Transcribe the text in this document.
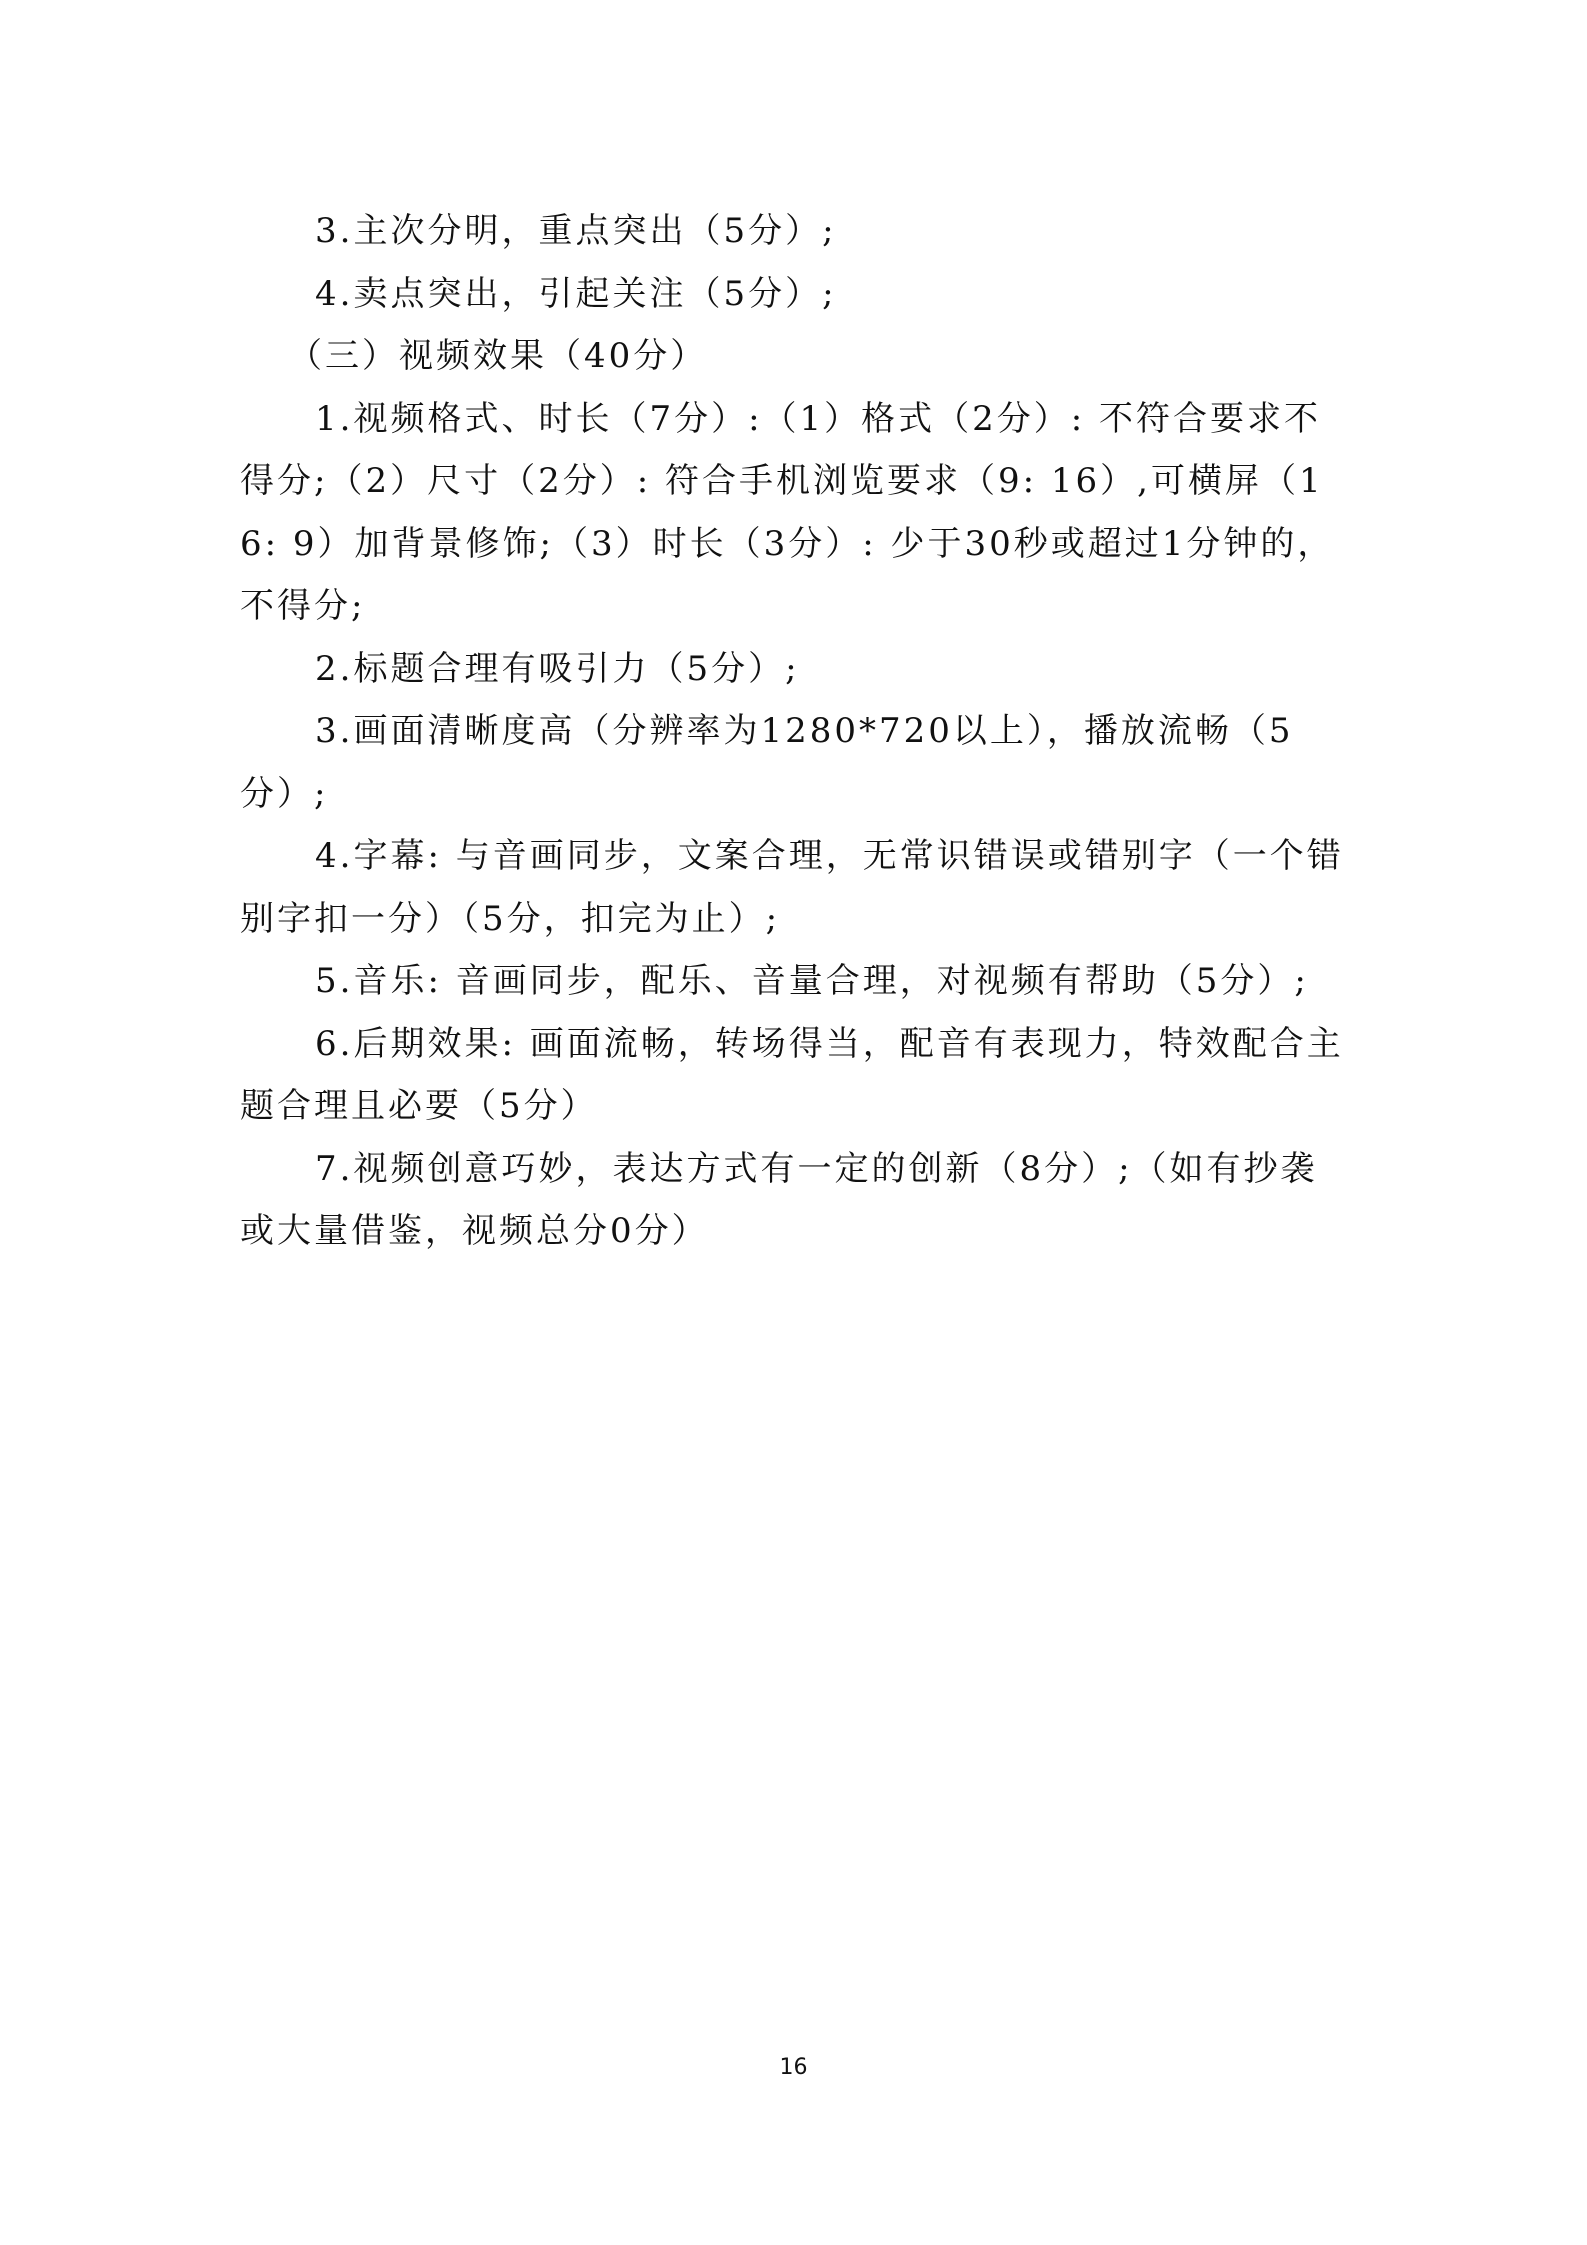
3.主次分明，重点突出（5分）;

4.卖点突出，引起关注（5分）;

（三）视频效果（40分）

1.视频格式、时长（7分）:（1）格式（2分）: 不符合要求不得分;（2）尺寸（2分）: 符合手机浏览要求（9: 16）,可横屏（16: 9）加背景修饰;（3）时长（3分）: 少于30秒或超过1分钟的，不得分;

2.标题合理有吸引力（5分）;

3.画面清晰度高（分辨率为1280*720以上），播放流畅（5分）;

4.字幕: 与音画同步，文案合理，无常识错误或错别字（一个错别字扣一分）（5分，扣完为止）;

5.音乐: 音画同步，配乐、音量合理，对视频有帮助（5分）;

6.后期效果: 画面流畅，转场得当，配音有表现力，特效配合主题合理且必要（5分）

7.视频创意巧妙，表达方式有一定的创新（8分）;（如有抄袭或大量借鉴，视频总分0分）

16
